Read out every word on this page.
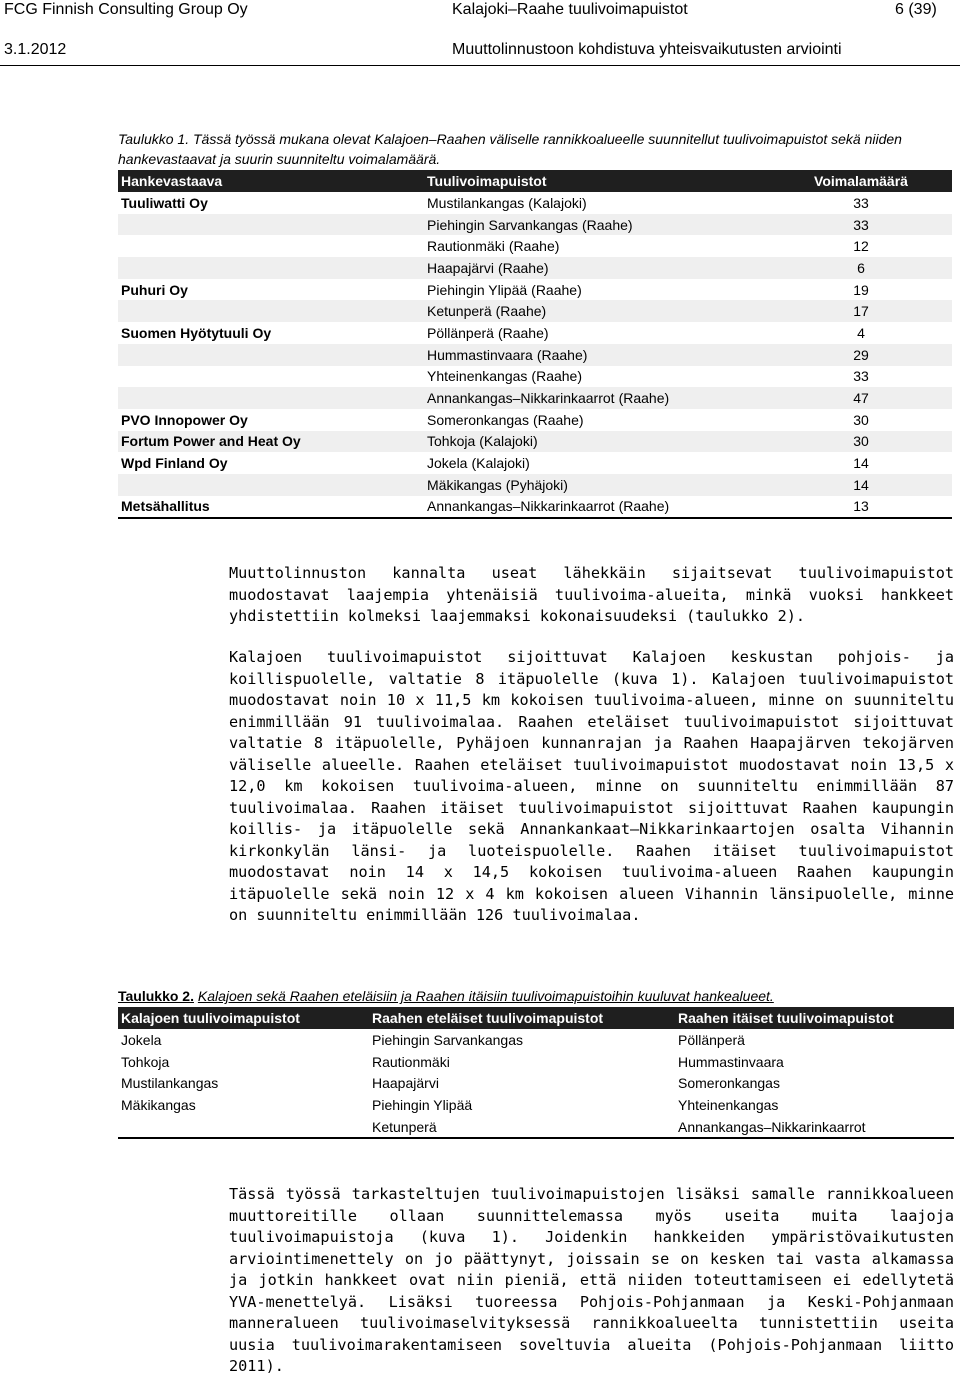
FCG Finnish Consulting Group Oy	Kalajoki–Raahe tuulivoimapuistot	6 (39)
3.1.2012	Muuttolinnustoon kohdistuva yhteisvaikutusten arviointi
Taulukko 1. Tässä työssä mukana olevat Kalajoen–Raahen väliselle rannikkoalueelle suunnitellut tuulivoimapuistot sekä niiden hankevastaavat ja suurin suunniteltu voimalamäärä.
Hankevastaava	Tuulivoimapuistot	Voimalamäärä
Tuuliwatti Oy	Mustilankangas (Kalajoki)	33
	Piehingin Sarvankangas (Raahe)	33
	Rautionmäki (Raahe)	12
	Haapajärvi (Raahe)	6
Puhuri Oy	Piehingin Ylipää (Raahe)	19
	Ketunperä (Raahe)	17
Suomen Hyötytuuli Oy	Pöllänperä (Raahe)	4
	Hummastinvaara (Raahe)	29
	Yhteinenkangas (Raahe)	33
	Annankangas–Nikkarinkaarrot (Raahe)	47
PVO Innopower Oy	Someronkangas (Raahe)	30
Fortum Power and Heat Oy	Tohkoja (Kalajoki)	30
Wpd Finland Oy	Jokela (Kalajoki)	14
	Mäkikangas (Pyhäjoki)	14
Metsähallitus	Annankangas–Nikkarinkaarrot (Raahe)	13
Muuttolinnuston kannalta useat lähekkäin sijaitsevat tuulivoimapuistot muodostavat laajempia yhtenäisiä tuulivoima-alueita, minkä vuoksi hankkeet yhdistettiin kolmeksi laajemmaksi kokonaisuudeksi (taulukko 2).
Kalajoen tuulivoimapuistot sijoittuvat Kalajoen keskustan pohjois- ja koillispuolelle, valtatie 8 itäpuolelle (kuva 1). Kalajoen tuulivoimapuistot muodostavat noin 10 x 11,5 km kokoisen tuulivoima-alueen, minne on suunniteltu enimmillään 91 tuulivoimalaa. Raahen eteläiset tuulivoimapuistot sijoittuvat valtatie 8 itäpuolelle, Pyhäjoen kunnanrajan ja Raahen Haapajärven tekojärven väliselle alueelle. Raahen eteläiset tuulivoimapuistot muodostavat noin 13,5 x 12,0 km kokoisen tuulivoima-alueen, minne on suunniteltu enimmillään 87 tuulivoimalaa. Raahen itäiset tuulivoimapuistot sijoittuvat Raahen kaupungin koillis- ja itäpuolelle sekä Annankankaat–Nikkarinkaartojen osalta Vihannin kirkonkylän länsi- ja luoteispuolelle. Raahen itäiset tuulivoimapuistot muodostavat noin 14 x 14,5 kokoisen tuulivoima-alueen Raahen kaupungin itäpuolelle sekä noin 12 x 4 km kokoisen alueen Vihannin länsipuolelle, minne on suunniteltu enimmillään 126 tuulivoimalaa.
Taulukko 2. Kalajoen sekä Raahen eteläisiin ja Raahen itäisiin tuulivoimapuistoihin kuuluvat hankealueet.
Kalajoen tuulivoimapuistot	Raahen eteläiset tuulivoimapuistot	Raahen itäiset tuulivoimapuistot
Jokela	Piehingin Sarvankangas	Pöllänperä
Tohkoja	Rautionmäki	Hummastinvaara
Mustilankangas	Haapajärvi	Someronkangas
Mäkikangas	Piehingin Ylipää	Yhteinenkangas
	Ketunperä	Annankangas–Nikkarinkaarrot
Tässä työssä tarkasteltujen tuulivoimapuistojen lisäksi samalle rannikkoalueen muuttoreitille ollaan suunnittelemassa myös useita muita laajoja tuulivoimapuistoja (kuva 1). Joidenkin hankkeiden ympäristövaikutusten arviointimenettely on jo päättynyt, joissain se on kesken tai vasta alkamassa ja jotkin hankkeet ovat niin pieniä, että niiden toteuttamiseen ei edellytetä YVA-menettelyä. Lisäksi tuoreessa Pohjois-Pohjanmaan ja Keski-Pohjanmaan manneralueen tuulivoimaselvityksessä rannikkoalueelta tunnistettiin useita uusia tuulivoimarakentamiseen soveltuvia alueita (Pohjois-Pohjanmaan liitto 2011).
